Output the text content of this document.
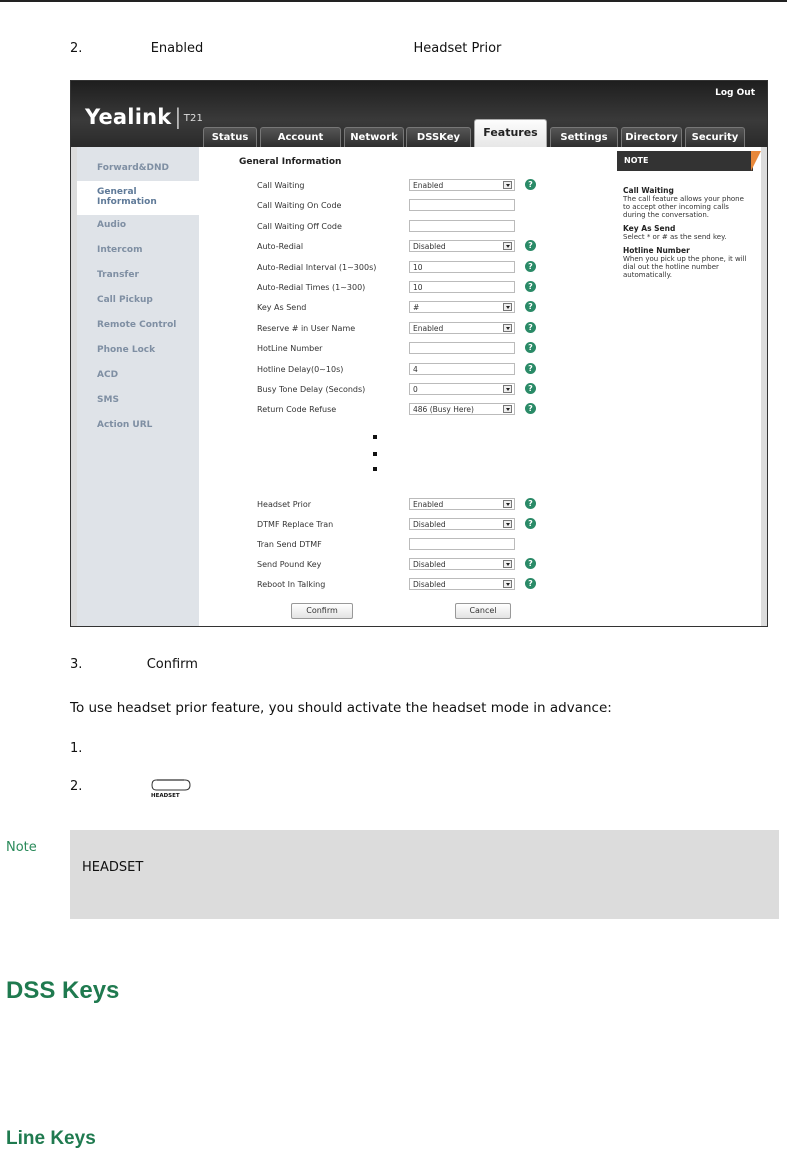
2.	Enabled	Headset Prior
Yealink | T21
Log Out
Status	Account	Network	DSSKey	Features	Settings	Directory	Security
Forward&DND
General Information
Audio
Intercom
Transfer
Call Pickup
Remote Control
Phone Lock
ACD
SMS
Action URL
General Information
Call Waiting	Enabled	?
Call Waiting On Code
Call Waiting Off Code
Auto-Redial	Disabled	?
Auto-Redial Interval (1~300s)	10	?
Auto-Redial Times (1~300)	10	?
Key As Send	#	?
Reserve # in User Name	Enabled	?
HotLine Number	?
Hotline Delay(0~10s)	4	?
Busy Tone Delay (Seconds)	0	?
Return Code Refuse	486 (Busy Here)	?
Headset Prior	Enabled	?
DTMF Replace Tran	Disabled	?
Tran Send DTMF
Send Pound Key	Disabled	?
Reboot In Talking	Disabled	?
Confirm	Cancel
NOTE
Call Waiting
The call feature allows your phone to accept other incoming calls during the conversation.
Key As Send
Select * or # as the send key.
Hotline Number
When you pick up the phone, it will dial out the hotline number automatically.
3.	Confirm
To use headset prior feature, you should activate the headset mode in advance:
1.
2.
HEADSET
Note
HEADSET
DSS Keys
Line Keys
